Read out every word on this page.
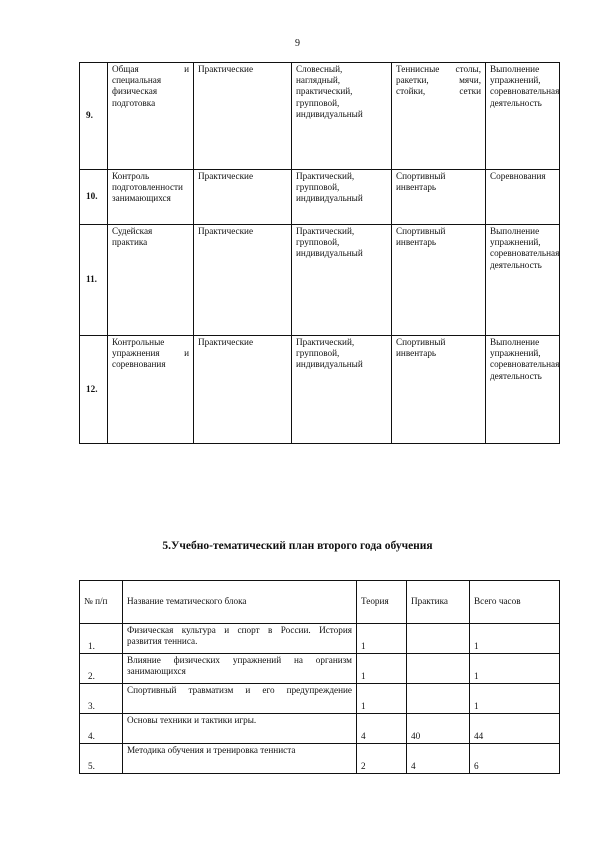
9
9.	Общая и специальная физическая подготовка	Практические	Словесный, наглядный, практический, групповой, индивидуальный	Теннисные столы, ракетки, мячи, стойки, сетки	Выполнение упражнений, соревновательная деятельность
10.	Контроль подготовленности занимающихся	Практические	Практический, групповой, индивидуальный	Спортивный инвентарь	Соревнования
11.	Судейская практика	Практические	Практический, групповой, индивидуальный	Спортивный инвентарь	Выполнение упражнений, соревновательная деятельность
12.	Контрольные упражнения и соревнования	Практические	Практический, групповой, индивидуальный	Спортивный инвентарь	Выполнение упражнений, соревновательная деятельность
5.Учебно-тематический план второго года обучения
№ п/п	Название тематического блока	Теория	Практика	Всего часов
1.	Физическая культура и спорт в России. История развития тенниса.	1		1
2.	Влияние физических упражнений на организм занимающихся	1		1
3.	Спортивный травматизм и его предупреждение	1		1
4.	Основы техники и тактики игры.	4	40	44
5.	Методика обучения и тренировка тенниста	2	4	6
